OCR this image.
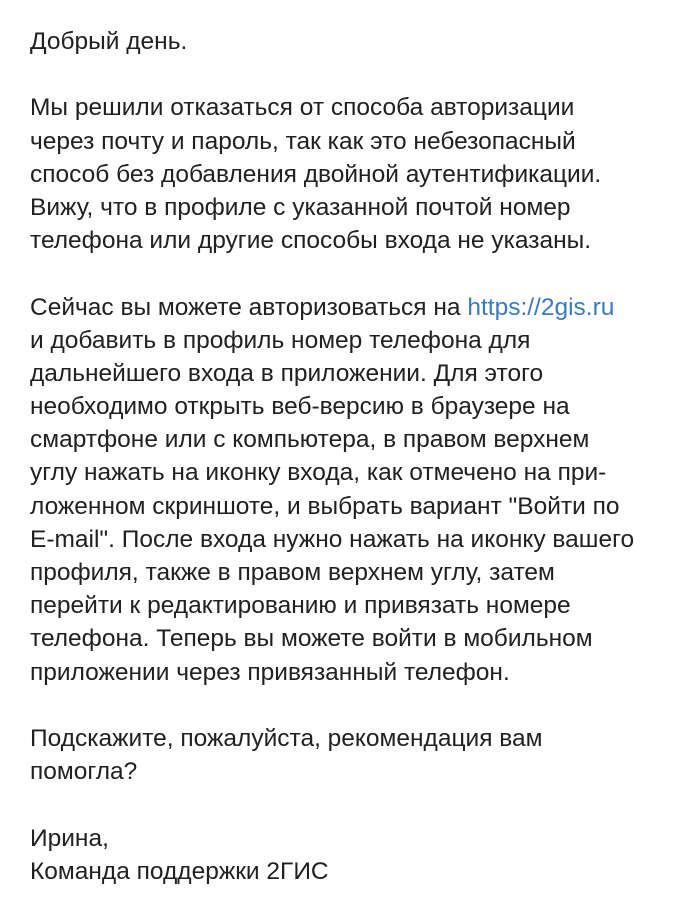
Добрый день.
Мы решили отказаться от способа авторизации
через почту и пароль, так как это небезопасный
способ без добавления двойной аутентификации.
Вижу, что в профиле с указанной почтой номер
телефона или другие способы входа не указаны.
Сейчас вы можете авторизоваться на https://2gis.ru
и добавить в профиль номер телефона для
дальнейшего входа в приложении. Для этого
необходимо открыть веб-версию в браузере на
смартфоне или с компьютера, в правом верхнем
углу нажать на иконку входа, как отмечено на при-
ложенном скриншоте, и выбрать вариант "Войти по
E-mail". После входа нужно нажать на иконку вашего
профиля, также в правом верхнем углу, затем
перейти к редактированию и привязать номере
телефона. Теперь вы можете войти в мобильном
приложении через привязанный телефон.
Подскажите, пожалуйста, рекомендация вам
помогла?
Ирина,
Команда поддержки 2ГИС
